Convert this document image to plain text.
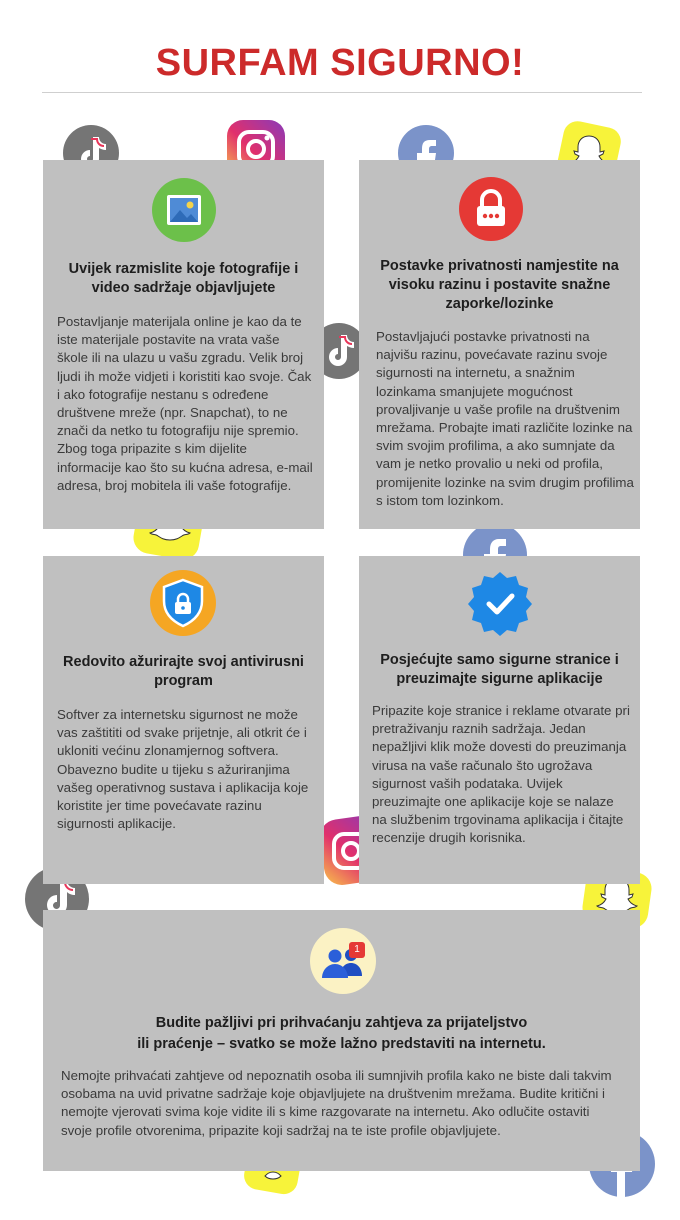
SURFAM SIGURNO!
Uvijek razmislite koje fotografije i video sadržaje objavljujete

Postavljanje materijala online je kao da te iste materijale postavite na vrata vaše škole ili na ulazu u vašu zgradu. Velik broj ljudi ih može vidjeti i koristiti kao svoje. Čak i ako fotografije nestanu s određene društvene mreže (npr. Snapchat), to ne znači da netko tu fotografiju nije spremio. Zbog toga pripazite s kim dijelite informacije kao što su kućna adresa, e-mail adresa, broj mobitela ili vaše fotografije.

Postavke privatnosti namjestite na visoku razinu i postavite snažne zaporke/lozinke

Postavljajući postavke privatnosti na najvišu razinu, povećavate razinu svoje sigurnosti na internetu, a snažnim lozinkama smanjujete mogućnost provaljivanje u vaše profile na društvenim mrežama. Probajte imati različite lozinke na svim svojim profilima, a ako sumnjate da vam je netko provalio u neki od profila, promijenite lozinke na svim drugim profilima s istom tom lozinkom.

Redovito ažurirajte svoj antivirusni program

Softver za internetsku sigurnost ne može vas zaštititi od svake prijetnje, ali otkrit će i ukloniti većinu zlonamjernog softvera. Obavezno budite u tijeku s ažuriranjima vašeg operativnog sustava i aplikacija koje koristite jer time povećavate razinu sigurnosti aplikacije.

Posjećujte samo sigurne stranice i preuzimajte sigurne aplikacije

Pripazite koje stranice i reklame otvarate pri pretraživanju raznih sadržaja. Jedan nepažljivi klik može dovesti do preuzimanja virusa na vaše računalo što ugrožava sigurnost vaših podataka. Uvijek preuzimajte one aplikacije koje se nalaze na službenim trgovinama aplikacija i čitajte recenzije drugih korisnika.

1
Budite pažljivi pri prihvaćanju zahtjeva za prijateljstvo
ili praćenje – svatko se može lažno predstaviti na internetu.

Nemojte prihvaćati zahtjeve od nepoznatih osoba ili sumnjivih profila kako ne biste dali takvim osobama na uvid privatne sadržaje koje objavljujete na društvenim mrežama. Budite kritični i nemojte vjerovati svima koje vidite ili s kime razgovarate na internetu. Ako odlučite ostaviti svoje profile otvorenima, pripazite koji sadržaj na te iste profile objavljujete.
